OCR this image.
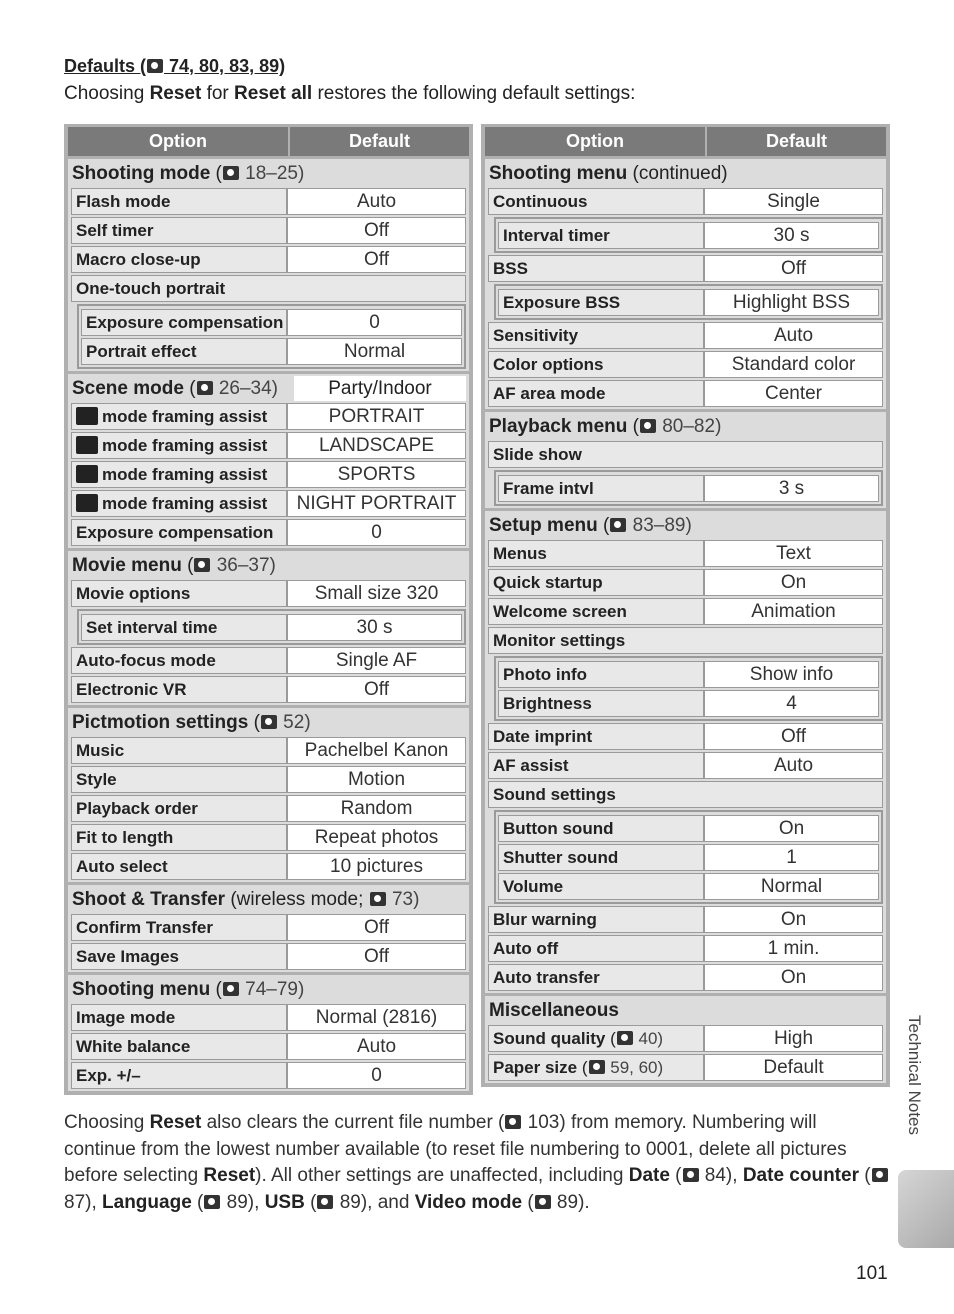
Defaults ( 74, 80, 83, 89)
Choosing Reset for Reset all restores the following default settings:
Option	Default
Shooting mode ( 18–25)
Flash mode	Auto
Self timer	Off
Macro close-up	Off
One-touch portrait
Exposure compensation	0
Portrait effect	Normal
Scene mode ( 26–34)	Party/Indoor
mode framing assist	PORTRAIT
mode framing assist	LANDSCAPE
mode framing assist	SPORTS
mode framing assist	NIGHT PORTRAIT
Exposure compensation	0
Movie menu ( 36–37)
Movie options	Small size 320
Set interval time	30 s
Auto-focus mode	Single AF
Electronic VR	Off
Pictmotion settings ( 52)
Music	Pachelbel Kanon
Style	Motion
Playback order	Random
Fit to length	Repeat photos
Auto select	10 pictures
Shoot & Transfer (wireless mode;  73)
Confirm Transfer	Off
Save Images	Off
Shooting menu ( 74–79)
Image mode	Normal (2816)
White balance	Auto
Exp. +/–	0
Option	Default
Shooting menu (continued)
Continuous	Single
Interval timer	30 s
BSS	Off
Exposure BSS	Highlight BSS
Sensitivity	Auto
Color options	Standard color
AF area mode	Center
Playback menu ( 80–82)
Slide show
Frame intvl	3 s
Setup menu ( 83–89)
Menus	Text
Quick startup	On
Welcome screen	Animation
Monitor settings
Photo info	Show info
Brightness	4
Date imprint	Off
AF assist	Auto
Sound settings
Button sound	On
Shutter sound	1
Volume	Normal
Blur warning	On
Auto off	1 min.
Auto transfer	On
Miscellaneous
Sound quality ( 40)	High
Paper size ( 59, 60)	Default
Choosing Reset also clears the current file number ( 103) from memory. Numbering will continue from the lowest number available (to reset file numbering to 0001, delete all pictures before selecting Reset). All other settings are unaffected, including Date ( 84), Date counter ( 87), Language ( 89), USB ( 89), and Video mode ( 89).
Technical Notes
101
